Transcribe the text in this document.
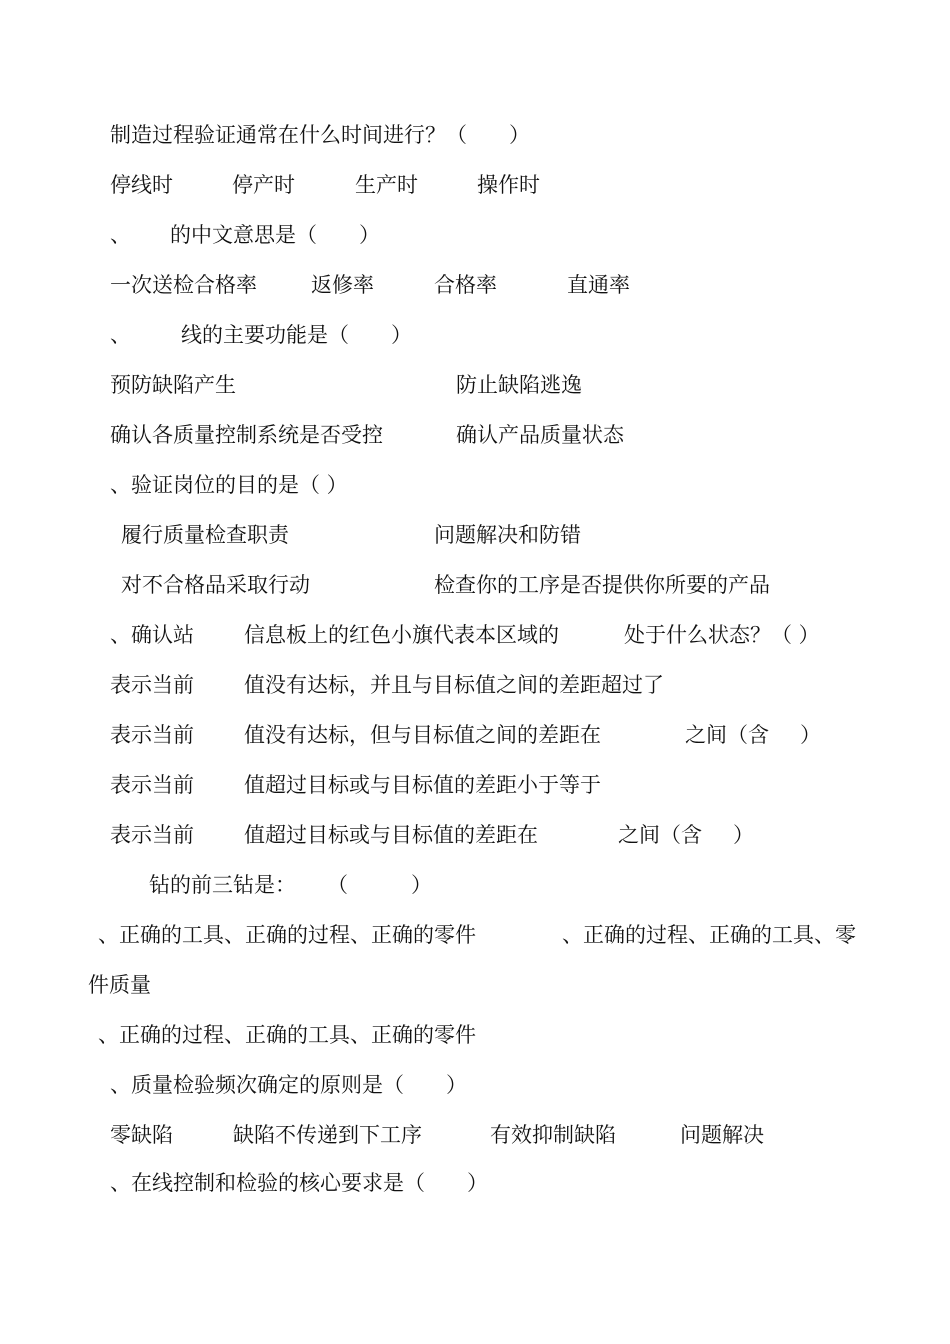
制造过程验证通常在什么时间进行？（　　）
停线时	停产时	生产时	操作时
、 的中文意思是（　　）
一次送检合格率	返修率	合格率	直通率
、 线的主要功能是（　　）
预防缺陷产生	防止缺陷逃逸
确认各质量控制系统是否受控	确认产品质量状态
、验证岗位的目的是（ ）
履行质量检查职责	问题解决和防错
对不合格品采取行动	检查你的工序是否提供你所要的产品
、确认站 信息板上的红色小旗代表本区域的	处于什么状态？（ ）
表示当前 值没有达标，并且与目标值之间的差距超过了
表示当前 值没有达标，但与目标值之间的差距在	之间（含 ）
表示当前 值超过目标或与目标值的差距小于等于
表示当前 值超过目标或与目标值的差距在	之间（含 ）
钻的前三钻是： （　　　）
、正确的工具、正确的过程、正确的零件	、正确的过程、正确的工具、零
件质量
、正确的过程、正确的工具、正确的零件
、质量检验频次确定的原则是（　　）
零缺陷	缺陷不传递到下工序	有效抑制缺陷	问题解决
、在线控制和检验的核心要求是（　　）
